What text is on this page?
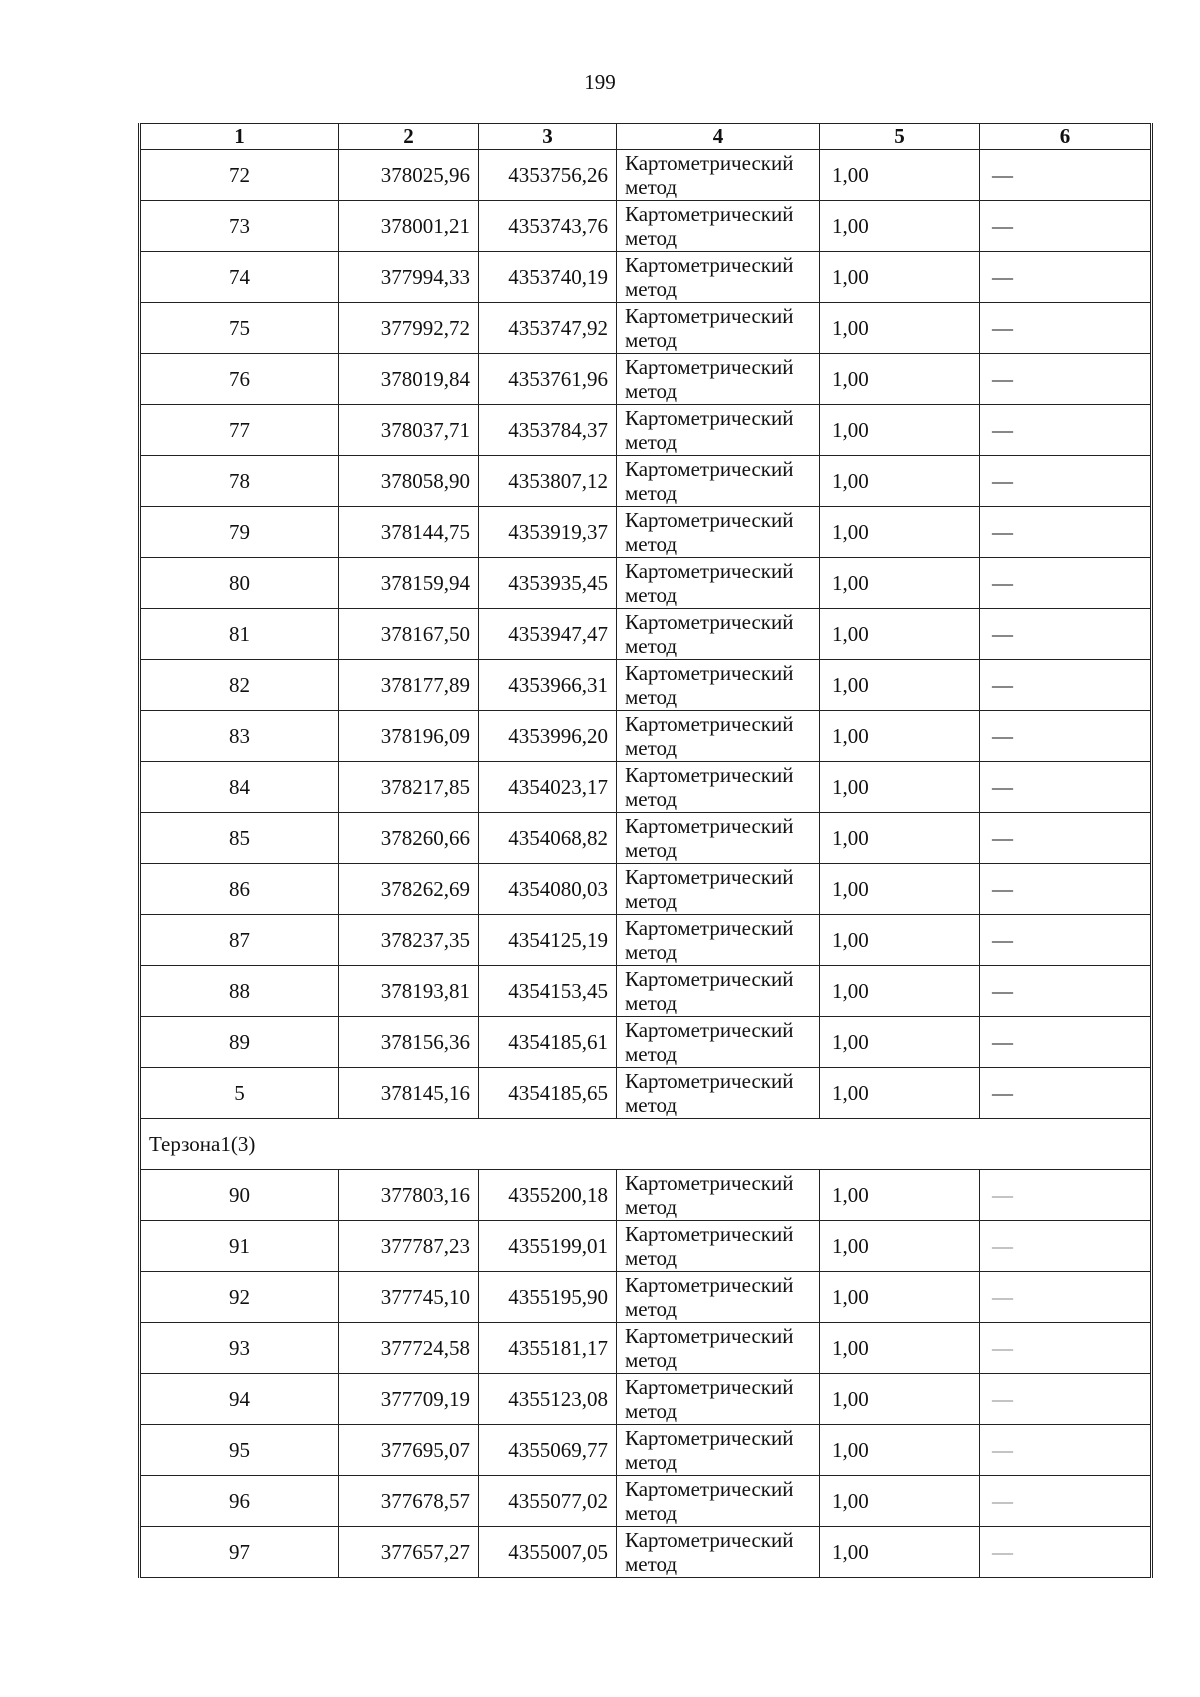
199
1	2	3	4	5	6
72	378025,96	4353756,26	Картометрический метод	1,00	—
73	378001,21	4353743,76	Картометрический метод	1,00	—
74	377994,33	4353740,19	Картометрический метод	1,00	—
75	377992,72	4353747,92	Картометрический метод	1,00	—
76	378019,84	4353761,96	Картометрический метод	1,00	—
77	378037,71	4353784,37	Картометрический метод	1,00	—
78	378058,90	4353807,12	Картометрический метод	1,00	—
79	378144,75	4353919,37	Картометрический метод	1,00	—
80	378159,94	4353935,45	Картометрический метод	1,00	—
81	378167,50	4353947,47	Картометрический метод	1,00	—
82	378177,89	4353966,31	Картометрический метод	1,00	—
83	378196,09	4353996,20	Картометрический метод	1,00	—
84	378217,85	4354023,17	Картометрический метод	1,00	—
85	378260,66	4354068,82	Картометрический метод	1,00	—
86	378262,69	4354080,03	Картометрический метод	1,00	—
87	378237,35	4354125,19	Картометрический метод	1,00	—
88	378193,81	4354153,45	Картометрический метод	1,00	—
89	378156,36	4354185,61	Картометрический метод	1,00	—
5	378145,16	4354185,65	Картометрический метод	1,00	—
Терзона1(3)					
90	377803,16	4355200,18	Картометрический метод	1,00	—
91	377787,23	4355199,01	Картометрический метод	1,00	—
92	377745,10	4355195,90	Картометрический метод	1,00	—
93	377724,58	4355181,17	Картометрический метод	1,00	—
94	377709,19	4355123,08	Картометрический метод	1,00	—
95	377695,07	4355069,77	Картометрический метод	1,00	—
96	377678,57	4355077,02	Картометрический метод	1,00	—
97	377657,27	4355007,05	Картометрический метод	1,00	—
